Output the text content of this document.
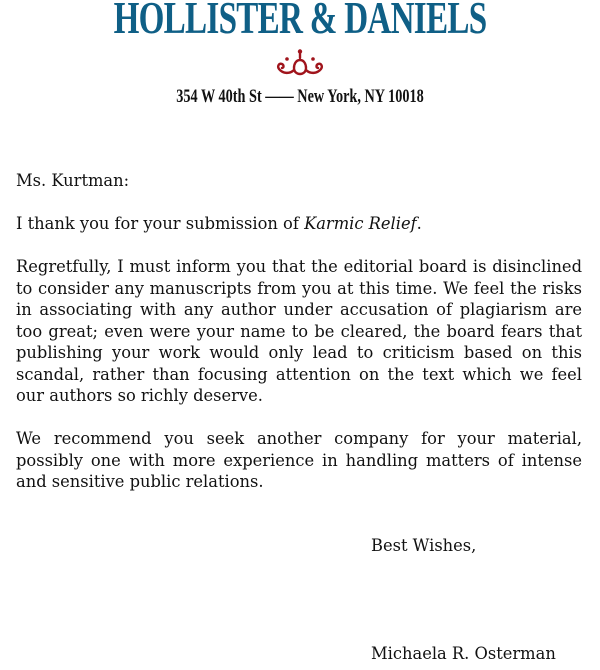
HOLLISTER & DANIELS
354 W 40th St —— New York, NY 10018

Ms. Kurtman:

I thank you for your submission of Karmic Relief.

Regretfully, I must inform you that the editorial board is disinclined to consider any manuscripts from you at this time. We feel the risks in associating with any author under accusation of plagiarism are too great; even were your name to be cleared, the board fears that publishing your work would only lead to criticism based on this scandal, rather than focusing attention on the text which we feel our authors so richly deserve.

We recommend you seek another company for your material, possibly one with more experience in handling matters of intense and sensitive public relations.

Best Wishes,
Michaela R. Osterman
